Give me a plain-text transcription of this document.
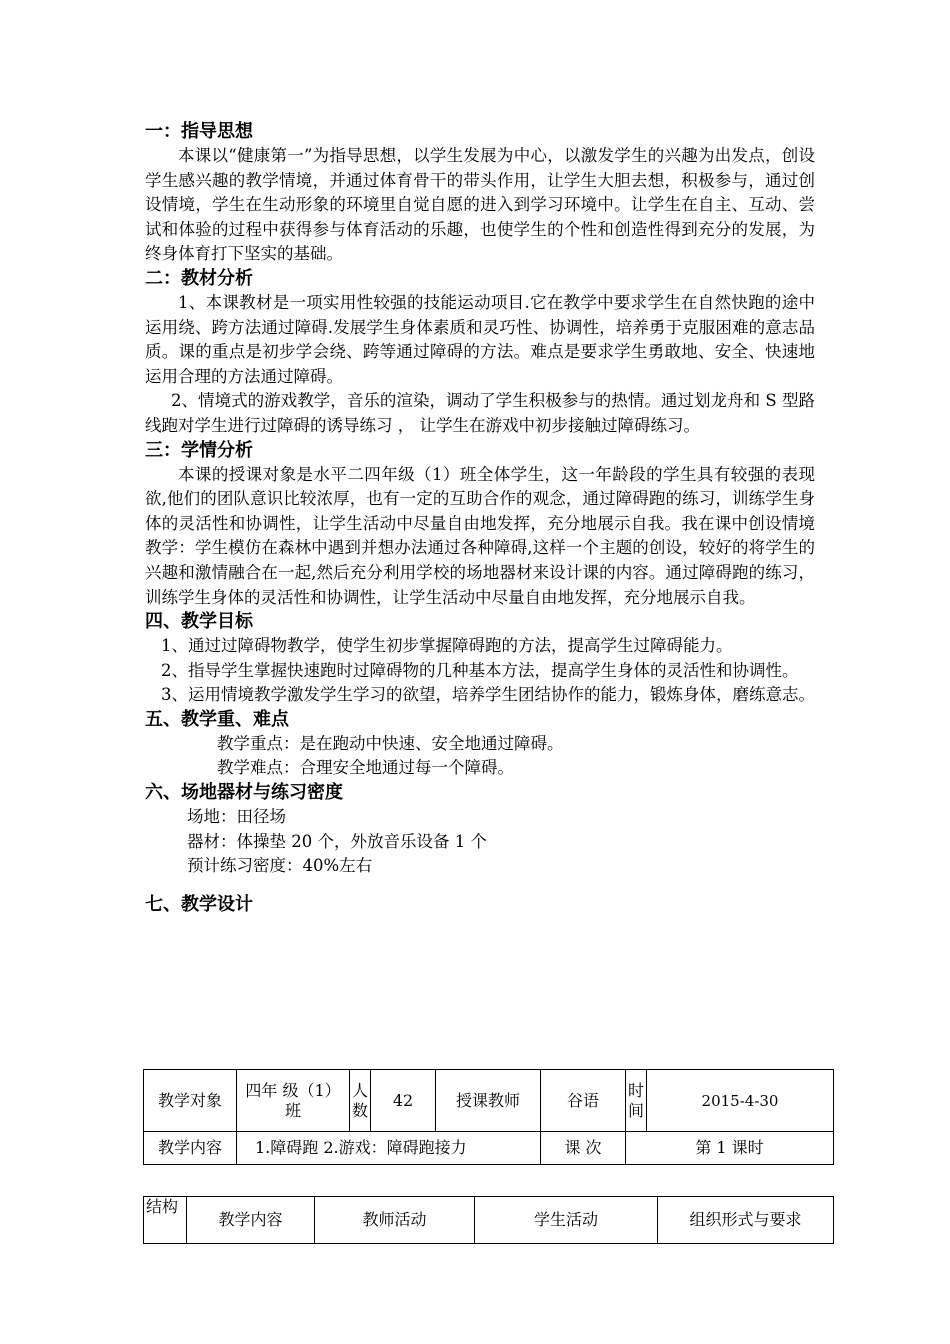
一：指导思想

本课以“健康第一”为指导思想，以学生发展为中心，以激发学生的兴趣为出发点，创设学生感兴趣的教学情境，并通过体育骨干的带头作用，让学生大胆去想，积极参与，通过创设情境，学生在生动形象的环境里自觉自愿的进入到学习环境中。让学生在自主、互动、尝试和体验的过程中获得参与体育活动的乐趣，也使学生的个性和创造性得到充分的发展，为终身体育打下坚实的基础。

二：教材分析

1、本课教材是一项实用性较强的技能运动项目.它在教学中要求学生在自然快跑的途中运用绕、跨方法通过障碍.发展学生身体素质和灵巧性、协调性，培养勇于克服困难的意志品质。课的重点是初步学会绕、跨等通过障碍的方法。难点是要求学生勇敢地、安全、快速地运用合理的方法通过障碍。

2、情境式的游戏教学，音乐的渲染，调动了学生积极参与的热情。通过划龙舟和 S 型路线跑对学生进行过障碍的诱导练习 ， 让学生在游戏中初步接触过障碍练习。

三：学情分析

本课的授课对象是水平二四年级（1）班全体学生，这一年龄段的学生具有较强的表现欲,他们的团队意识比较浓厚，也有一定的互助合作的观念，通过障碍跑的练习，训练学生身体的灵活性和协调性，让学生活动中尽量自由地发挥，充分地展示自我。我在课中创设情境教学：学生模仿在森林中遇到并想办法通过各种障碍,这样一个主题的创设，较好的将学生的兴趣和激情融合在一起,然后充分利用学校的场地器材来设计课的内容。通过障碍跑的练习，训练学生身体的灵活性和协调性，让学生活动中尽量自由地发挥，充分地展示自我。

四、教学目标

1、通过过障碍物教学，使学生初步掌握障碍跑的方法，提高学生过障碍能力。

2、指导学生掌握快速跑时过障碍物的几种基本方法，提高学生身体的灵活性和协调性。

3、运用情境教学激发学生学习的欲望，培养学生团结协作的能力，锻炼身体，磨练意志。

五、教学重、难点

教学重点：是在跑动中快速、安全地通过障碍。

教学难点：合理安全地通过每一个障碍。

六、场地器材与练习密度

场地：田径场

器材：体操垫 20 个，外放音乐设备 1 个

预计练习密度：40%左右

七、教学设计
教学对象	四年 级（1）班	人数	42	授课教师	谷语	时间	2015-4-30
教学内容	1.障碍跑 2.游戏：障碍跑接力				课 次	第 1 课时	
结构	教学内容	教师活动	学生活动	组织形式与要求
